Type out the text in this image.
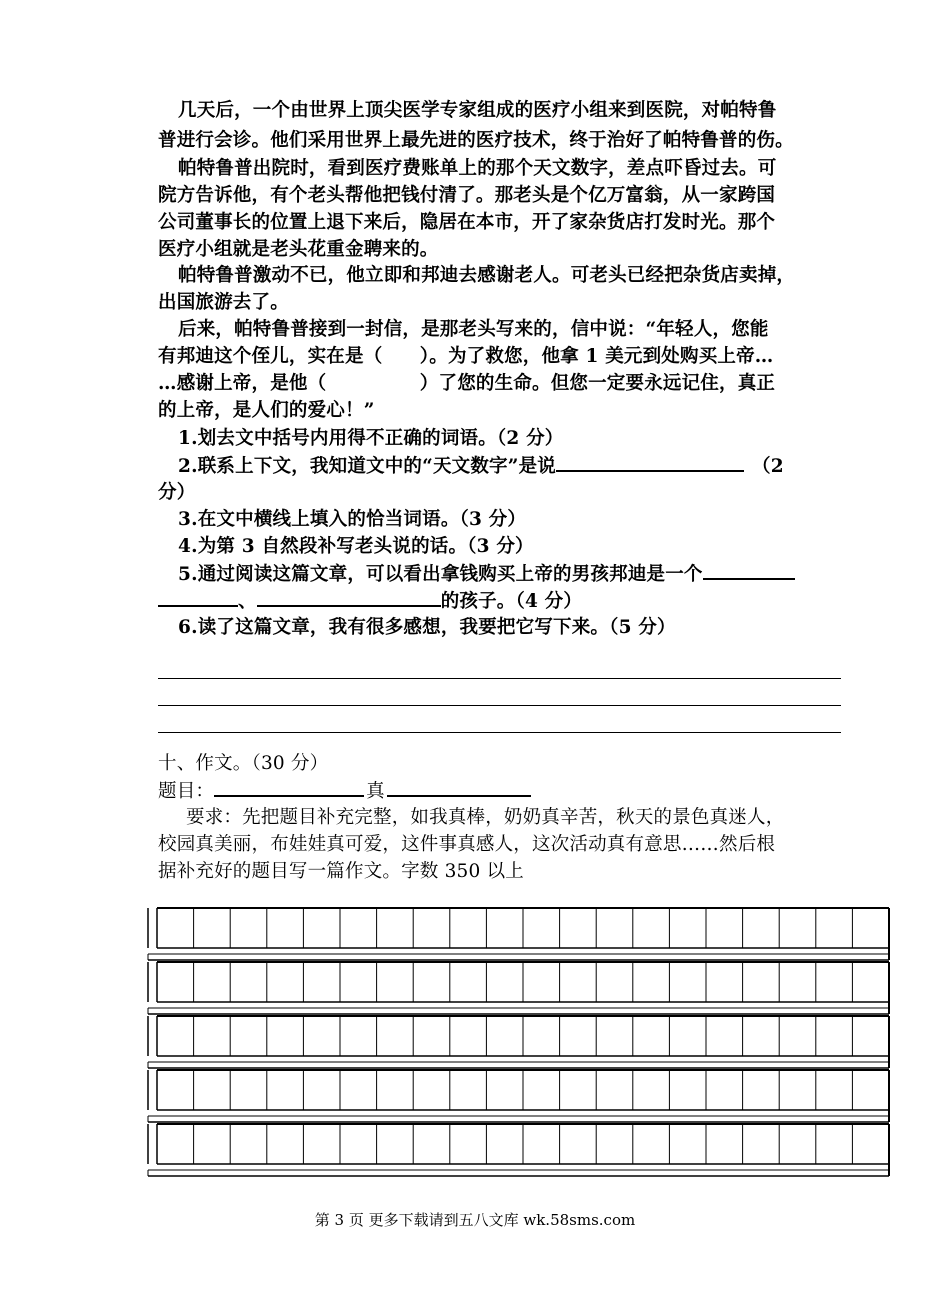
几天后，一个由世界上顶尖医学专家组成的医疗小组来到医院，对帕特鲁
普进行会诊。他们采用世界上最先进的医疗技术，终于治好了帕特鲁普的伤。
帕特鲁普出院时，看到医疗费账单上的那个天文数字，差点吓昏过去。可
院方告诉他，有个老头帮他把钱付清了。那老头是个亿万富翁，从一家跨国
公司董事长的位置上退下来后，隐居在本市，开了家杂货店打发时光。那个
医疗小组就是老头花重金聘来的。
帕特鲁普激动不已，他立即和邦迪去感谢老人。可老头已经把杂货店卖掉，
出国旅游去了。
后来，帕特鲁普接到一封信，是那老头写来的，信中说：“年轻人，您能
有邦迪这个侄儿，实在是（　　）。为了救您，他拿 1 美元到处购买上帝…
…感谢上帝，是他（　　　　　）了您的生命。但您一定要永远记住，真正
的上帝，是人们的爱心！”
1.划去文中括号内用得不正确的词语。（2 分）
2.联系上下文，我知道文中的“天文数字”是说	（2
分）
3.在文中横线上填入的恰当词语。（3 分）
4.为第 3 自然段补写老头说的话。（3 分）
5.通过阅读这篇文章，可以看出拿钱购买上帝的男孩邦迪是一个
、	的孩子。（4 分）
6.读了这篇文章，我有很多感想，我要把它写下来。（5 分）
十、作文。（30 分）
题目：	真
要求：先把题目补充完整，如我真棒，奶奶真辛苦，秋天的景色真迷人，
校园真美丽，布娃娃真可爱，这件事真感人，这次活动真有意思……然后根
据补充好的题目写一篇作文。字数 350 以上
第 3 页 更多下载请到五八文库 wk.58sms.com
